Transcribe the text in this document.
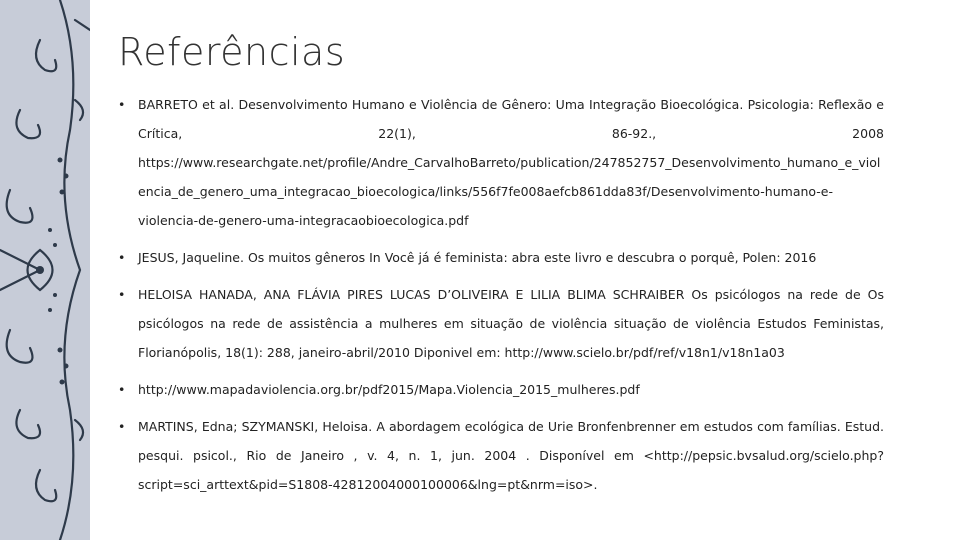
Referências
• BARRETO et al. Desenvolvimento Humano e Violência de Gênero: Uma Integração Bioecológica. Psicologia: Reflexão e Crítica, 22(1), 86-92., 2008 https://www.researchgate.net/profile/Andre_CarvalhoBarreto/publication/247852757_Desenvolvimento_humano_e_violencia_de_genero_uma_integracao_bioecologica/links/556f7fe008aefcb861dda83f/Desenvolvimento-humano-e-violencia-de-genero-uma-integracaobioecologica.pdf
• JESUS, Jaqueline. Os muitos gêneros In Você já é feminista: abra este livro e descubra o porquê, Polen: 2016
• HELOISA HANADA, ANA FLÁVIA PIRES LUCAS D’OLIVEIRA E LILIA BLIMA SCHRAIBER Os psicólogos na rede de Os psicólogos na rede de assistência a mulheres em situação de violência situação de violência Estudos Feministas, Florianópolis, 18(1): 288, janeiro-abril/2010 Diponivel em: http://www.scielo.br/pdf/ref/v18n1/v18n1a03
• http://www.mapadaviolencia.org.br/pdf2015/Mapa.Violencia_2015_mulheres.pdf
• MARTINS, Edna; SZYMANSKI, Heloisa. A abordagem ecológica de Urie Bronfenbrenner em estudos com famílias. Estud. pesqui. psicol., Rio de Janeiro , v. 4, n. 1, jun. 2004 . Disponível em <http://pepsic.bvsalud.org/scielo.php?script=sci_arttext&pid=S1808-42812004000100006&lng=pt&nrm=iso>.
